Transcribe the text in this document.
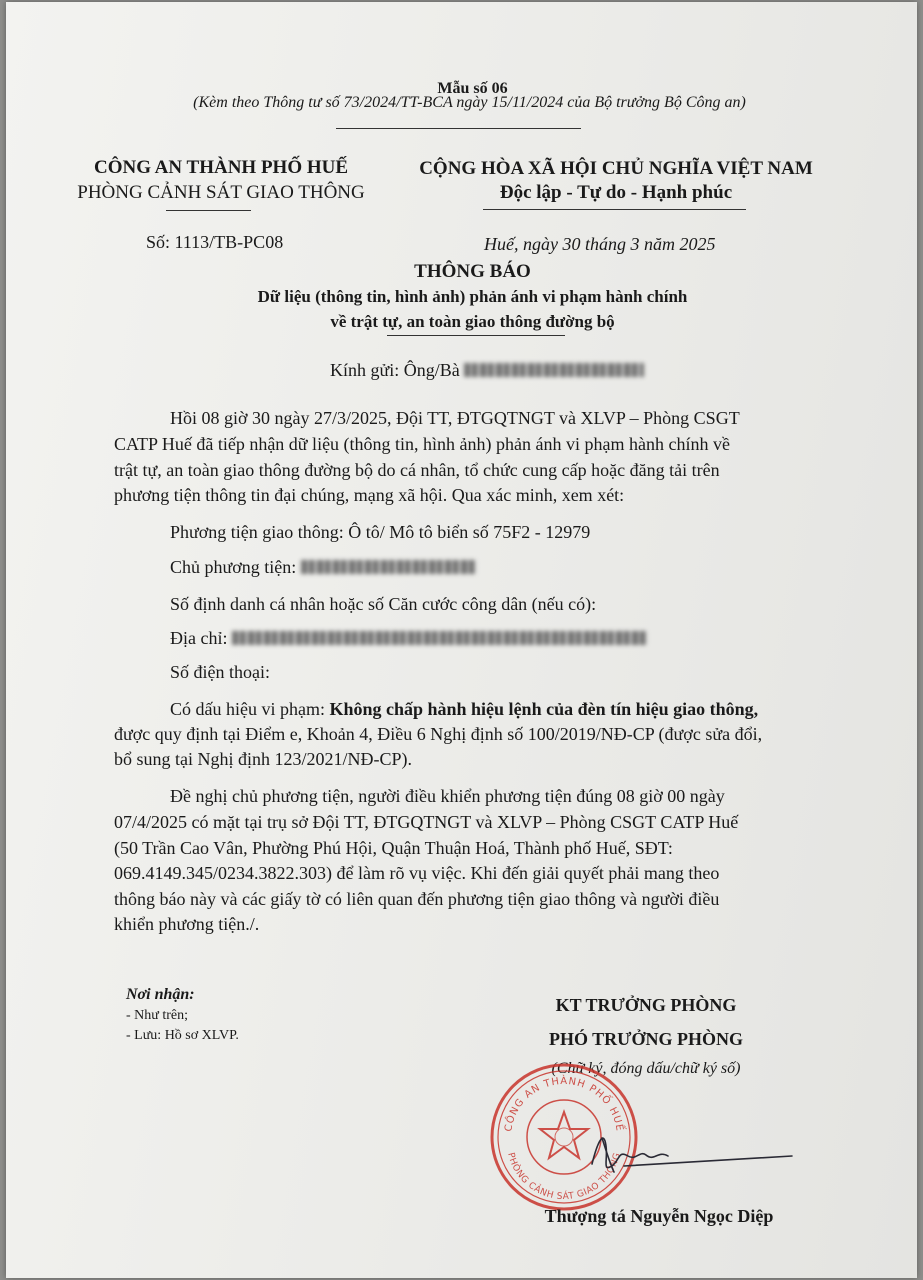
Mẫu số 06
(Kèm theo Thông tư số 73/2024/TT-BCA ngày 15/11/2024 của Bộ trưởng Bộ Công an)
CÔNG AN THÀNH PHỐ HUẾ
PHÒNG CẢNH SÁT GIAO THÔNG
Số: 1113/TB-PC08
CỘNG HÒA XÃ HỘI CHỦ NGHĨA VIỆT NAM
Độc lập - Tự do - Hạnh phúc
Huế, ngày 30 tháng 3 năm 2025
THÔNG BÁO
Dữ liệu (thông tin, hình ảnh) phản ánh vi phạm hành chính
về trật tự, an toàn giao thông đường bộ
Kính gửi: Ông/Bà
Hồi 08 giờ 30 ngày 27/3/2025, Đội TT, ĐTGQTNGT và XLVP – Phòng CSGT
CATP Huế đã tiếp nhận dữ liệu (thông tin, hình ảnh) phản ánh vi phạm hành chính về
trật tự, an toàn giao thông đường bộ do cá nhân, tổ chức cung cấp hoặc đăng tải trên
phương tiện thông tin đại chúng, mạng xã hội. Qua xác minh, xem xét:
Phương tiện giao thông: Ô tô/ Mô tô biển số 75F2 - 12979
Chủ phương tiện:
Số định danh cá nhân hoặc số Căn cước công dân (nếu có):
Địa chỉ:
Số điện thoại:
Có dấu hiệu vi phạm: Không chấp hành hiệu lệnh của đèn tín hiệu giao thông,
được quy định tại Điểm e, Khoản 4, Điều 6 Nghị định số 100/2019/NĐ-CP (được sửa đổi,
bổ sung tại Nghị định 123/2021/NĐ-CP).
Đề nghị chủ phương tiện, người điều khiển phương tiện đúng 08 giờ 00 ngày
07/4/2025 có mặt tại trụ sở Đội TT, ĐTGQTNGT và XLVP – Phòng CSGT CATP Huế
(50 Trần Cao Vân, Phường Phú Hội, Quận Thuận Hoá, Thành phố Huế, SĐT:
069.4149.345/0234.3822.303) để làm rõ vụ việc. Khi đến giải quyết phải mang theo
thông báo này và các giấy tờ có liên quan đến phương tiện giao thông và người điều
khiển phương tiện./.
Nơi nhận:
- Như trên;
- Lưu: Hồ sơ XLVP.
KT TRƯỞNG PHÒNG
PHÓ TRƯỞNG PHÒNG
(Chữ ký, đóng dấu/chữ ký số)
CÔNG AN THÀNH PHỐ HUẾ
PHÒNG CẢNH SÁT GIAO THÔNG
Thượng tá Nguyễn Ngọc Diệp
